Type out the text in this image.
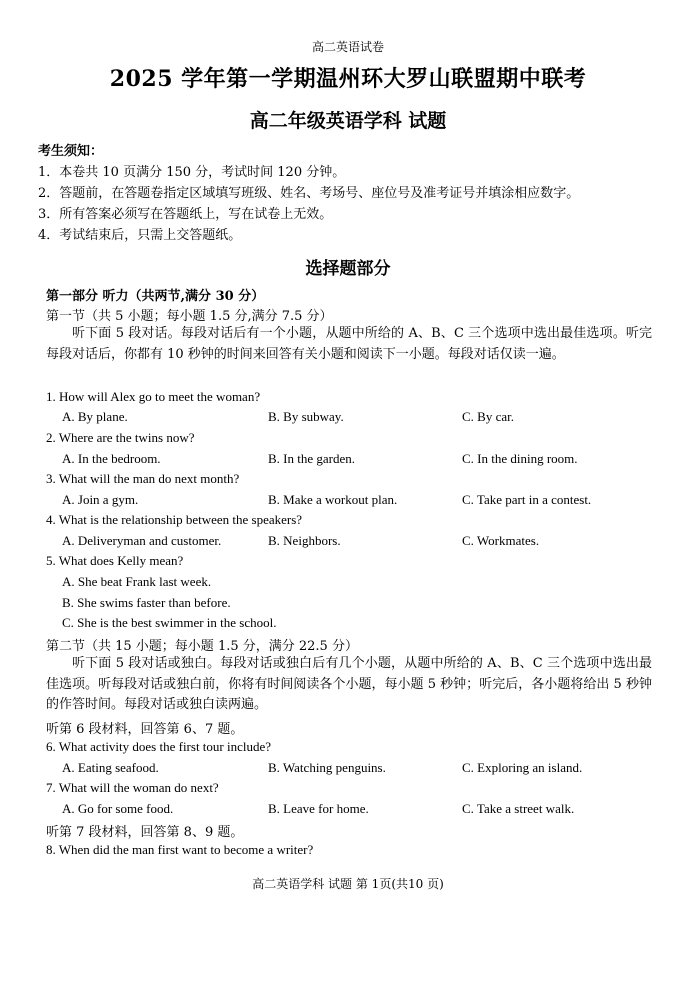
高二英语试卷
2025 学年第一学期温州环大罗山联盟期中联考
高二年级英语学科 试题
考生须知：
1．本卷共 10 页满分 150 分，考试时间 120 分钟。
2．答题前，在答题卷指定区域填写班级、姓名、考场号、座位号及准考证号并填涂相应数字。
3．所有答案必须写在答题纸上，写在试卷上无效。
4．考试结束后，只需上交答题纸。
选择题部分
第一部分 听力（共两节,满分 30 分）
第一节（共 5 小题；每小题 1.5 分,满分 7.5 分）
听下面 5 段对话。每段对话后有一个小题，从题中所给的 A、B、C 三个选项中选出最佳选项。听完每段对话后，你都有 10 秒钟的时间来回答有关小题和阅读下一小题。每段对话仅读一遍。
1. How will Alex go to meet the woman?
A. By plane.	B. By subway.	C. By car.
2. Where are the twins now?
A. In the bedroom.	B. In the garden.	C. In the dining room.
3. What will the man do next month?
A. Join a gym.	B. Make a workout plan.	C. Take part in a contest.
4. What is the relationship between the speakers?
A. Deliveryman and customer.	B. Neighbors.	C. Workmates.
5. What does Kelly mean?
A. She beat Frank last week.
B. She swims faster than before.
C. She is the best swimmer in the school.
第二节（共 15 小题；每小题 1.5 分，满分 22.5 分）
听下面 5 段对话或独白。每段对话或独白后有几个小题，从题中所给的 A、B、C 三个选项中选出最佳选项。听每段对话或独白前，你将有时间阅读各个小题，每小题 5 秒钟；听完后，各小题将给出 5 秒钟的作答时间。每段对话或独白读两遍。
听第 6 段材料，回答第 6、7 题。
6. What activity does the first tour include?
A. Eating seafood.	B. Watching penguins.	C. Exploring an island.
7. What will the woman do next?
A. Go for some food.	B. Leave for home.	C. Take a street walk.
听第 7 段材料，回答第 8、9 题。
8. When did the man first want to become a writer?
高二英语学科 试题 第 1页(共10 页)
